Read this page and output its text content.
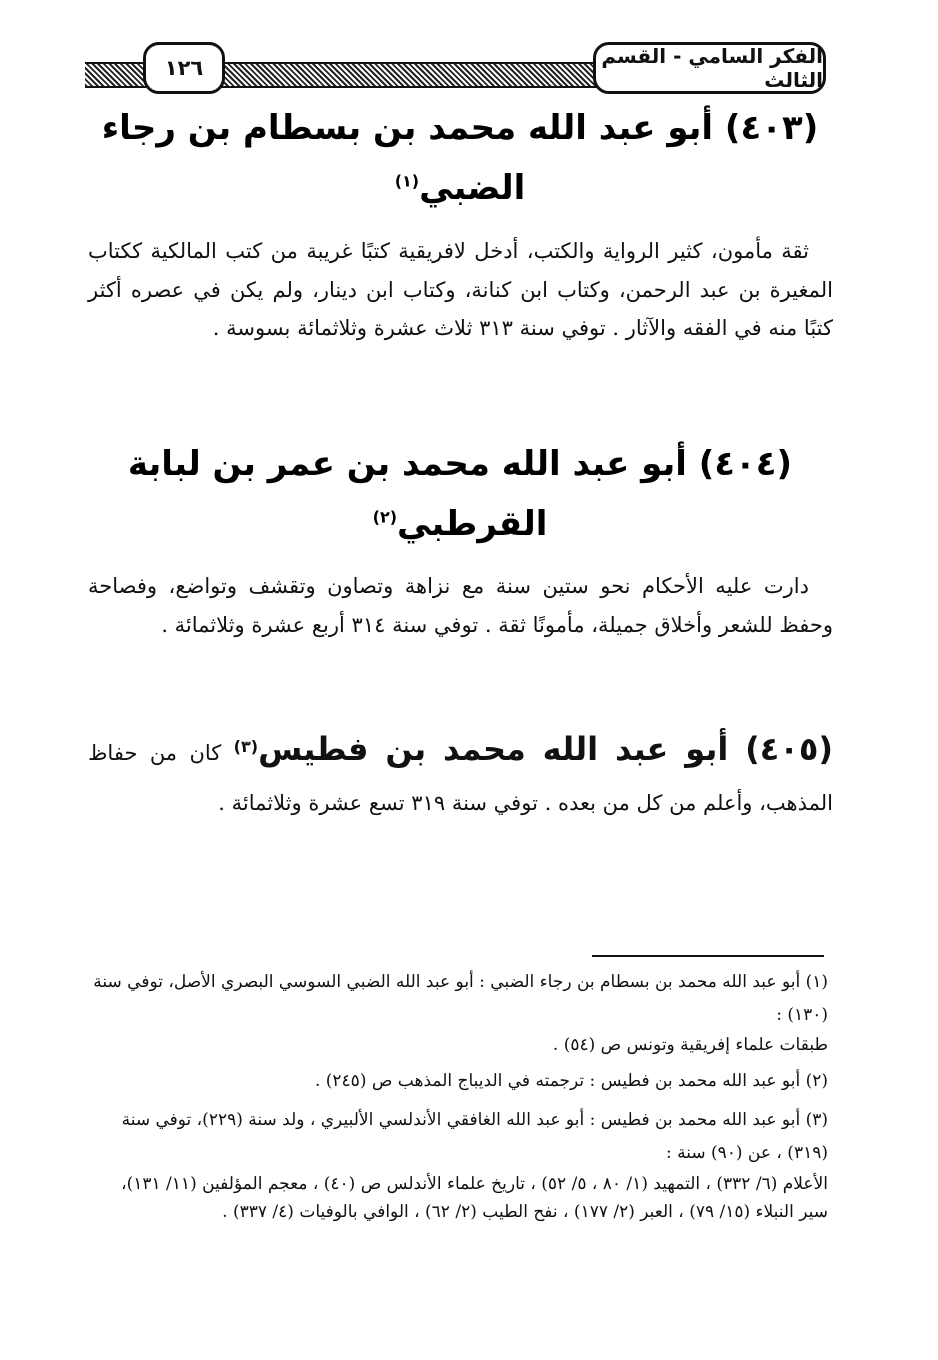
الفكر السامي - القسم الثالث
١٢٦
(٤٠٣) أبو عبد الله محمد بن بسطام بن رجاء
الضبي$^{(١)}$
ثقة مأمون، كثير الرواية والكتب، أدخل لافريقية كتبًا غريبة من كتب المالكية ككتاب المغيرة بن عبد الرحمن، وكتاب ابن كنانة، وكتاب ابن دينار، ولم يكن في عصره أكثر كتبًا منه في الفقه والآثار . توفي سنة ٣١٣ ثلاث عشرة وثلاثمائة بسوسة .
(٤٠٤) أبو عبد الله محمد بن عمر بن لبابة
القرطبي$^{(٢)}$
دارت عليه الأحكام نحو ستين سنة مع نزاهة وتصاون وتقشف وتواضع، وفصاحة وحفظ للشعر وأخلاق جميلة، مأمونًا ثقة . توفي سنة ٣١٤ أربع عشرة وثلاثمائة .
(٤٠٥) أبو عبد الله محمد بن فطيس$^{(٣)}$ كان من حفاظ المذهب، وأعلم من كل من بعده . توفي سنة ٣١٩ تسع عشرة وثلاثمائة .
(١) أبو عبد الله محمد بن بسطام بن رجاء الضبي : أبو عبد الله الضبي السوسي البصري الأصل، توفي سنة (١٣٠) :
طبقات علماء إفريقية وتونس ص (٥٤) .
(٢) أبو عبد الله محمد بن فطيس : ترجمته في الديباج المذهب ص (٢٤٥) .
(٣) أبو عبد الله محمد بن فطيس : أبو عبد الله الغافقي الأندلسي الألبيري ، ولد سنة (٢٢٩)، توفي سنة (٣١٩) ، عن (٩٠) سنة :
الأعلام (٦/ ٣٣٢) ، التمهيد (١/ ٨٠ ، ٥/ ٥٢) ، تاريخ علماء الأندلس ص (٤٠) ، معجم المؤلفين (١١/ ١٣١)، سير النبلاء (١٥/ ٧٩) ، العبر (٢/ ١٧٧) ، نفح الطيب (٢/ ٦٢) ، الوافي بالوفيات (٤/ ٣٣٧) .
